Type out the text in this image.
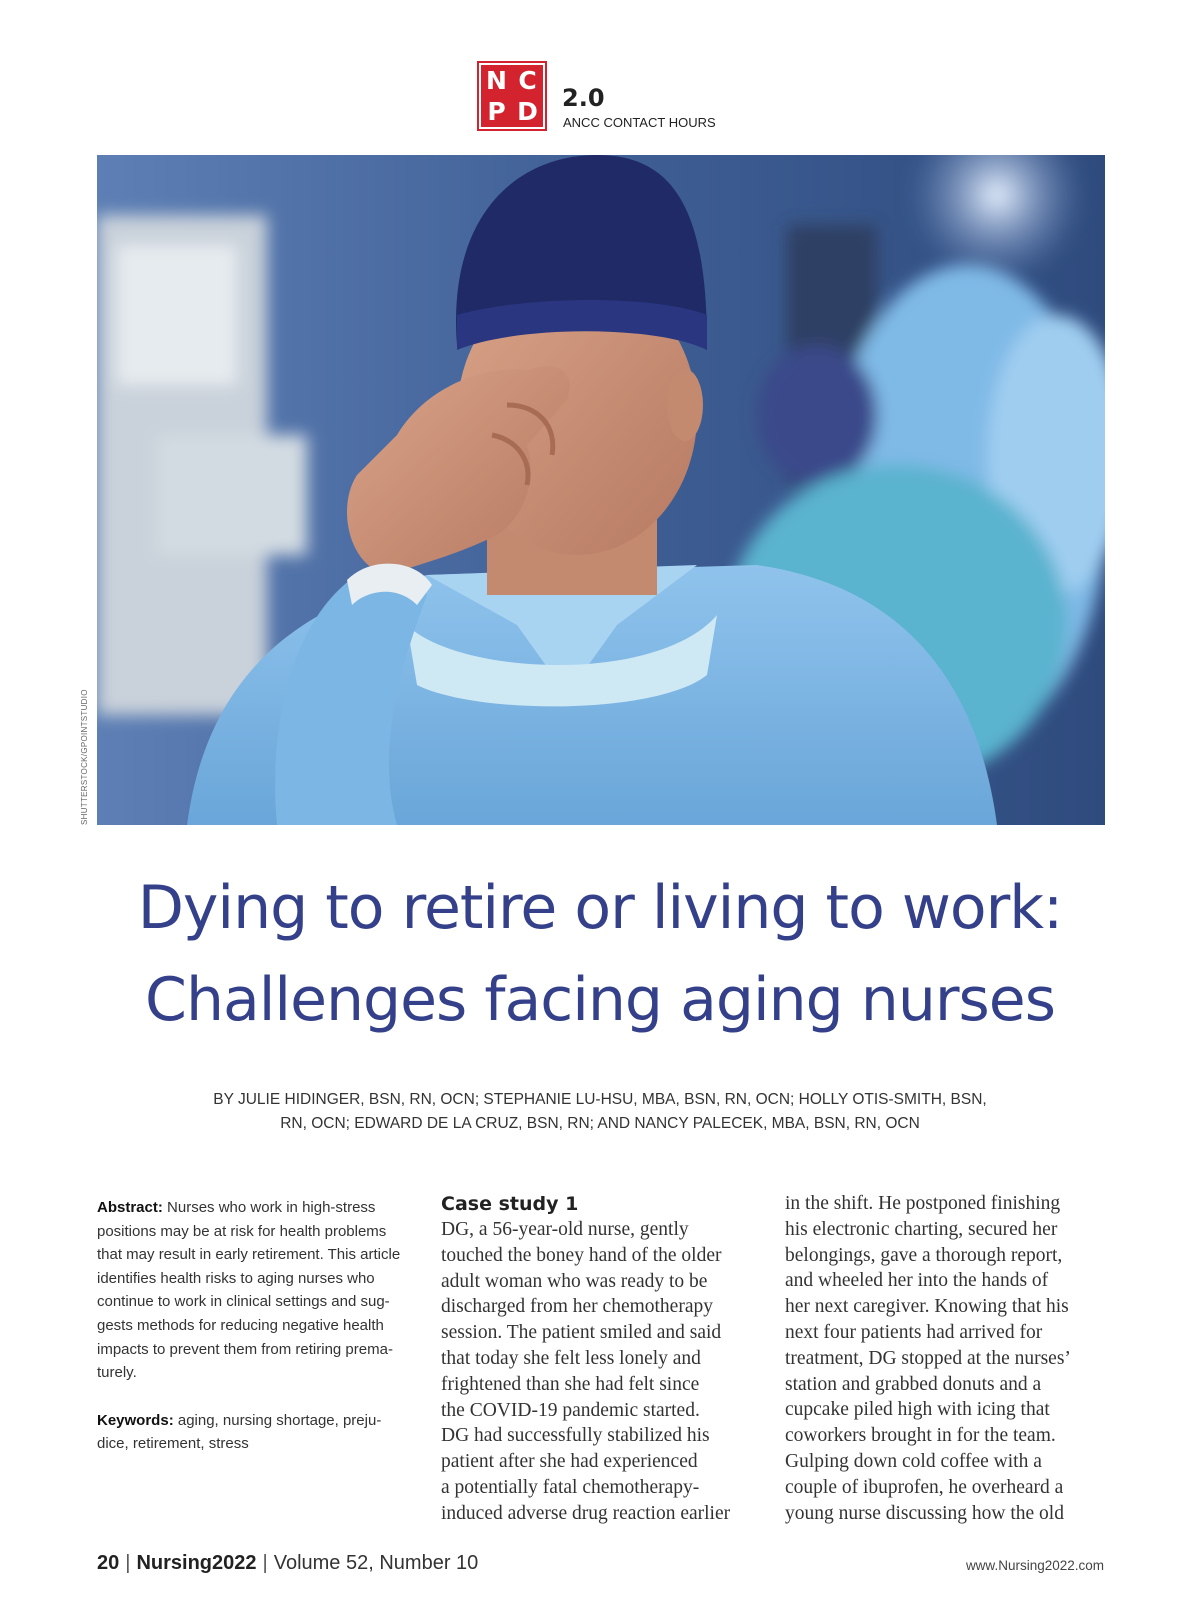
N C
P D 2.0
ANCC CONTACT HOURS
SHUTTERSTOCK/GPOINTSTUDIO
Dying to retire or living to work:
Challenges facing aging nurses
BY JULIE HIDINGER, BSN, RN, OCN; STEPHANIE LU-HSU, MBA, BSN, RN, OCN; HOLLY OTIS-SMITH, BSN,
RN, OCN; EDWARD DE LA CRUZ, BSN, RN; AND NANCY PALECEK, MBA, BSN, RN, OCN

Abstract: Nurses who work in high-stress
positions may be at risk for health problems
that may result in early retirement. This article
identifies health risks to aging nurses who
continue to work in clinical settings and sug-
gests methods for reducing negative health
impacts to prevent them from retiring prema-
turely.

Keywords: aging, nursing shortage, preju-
dice, retirement, stress

Case study 1
DG, a 56-year-old nurse, gently
touched the boney hand of the older
adult woman who was ready to be
discharged from her chemotherapy
session. The patient smiled and said
that today she felt less lonely and
frightened than she had felt since
the COVID-19 pandemic started.
DG had successfully stabilized his
patient after she had experienced
a potentially fatal chemotherapy-
induced adverse drug reaction earlier
in the shift. He postponed finishing
his electronic charting, secured her
belongings, gave a thorough report,
and wheeled her into the hands of
her next caregiver. Knowing that his
next four patients had arrived for
treatment, DG stopped at the nurses’
station and grabbed donuts and a
cupcake piled high with icing that
coworkers brought in for the team.
Gulping down cold coffee with a
couple of ibuprofen, he overheard a
young nurse discussing how the old
20 | Nursing2022 | Volume 52, Number 10	www.Nursing2022.com
